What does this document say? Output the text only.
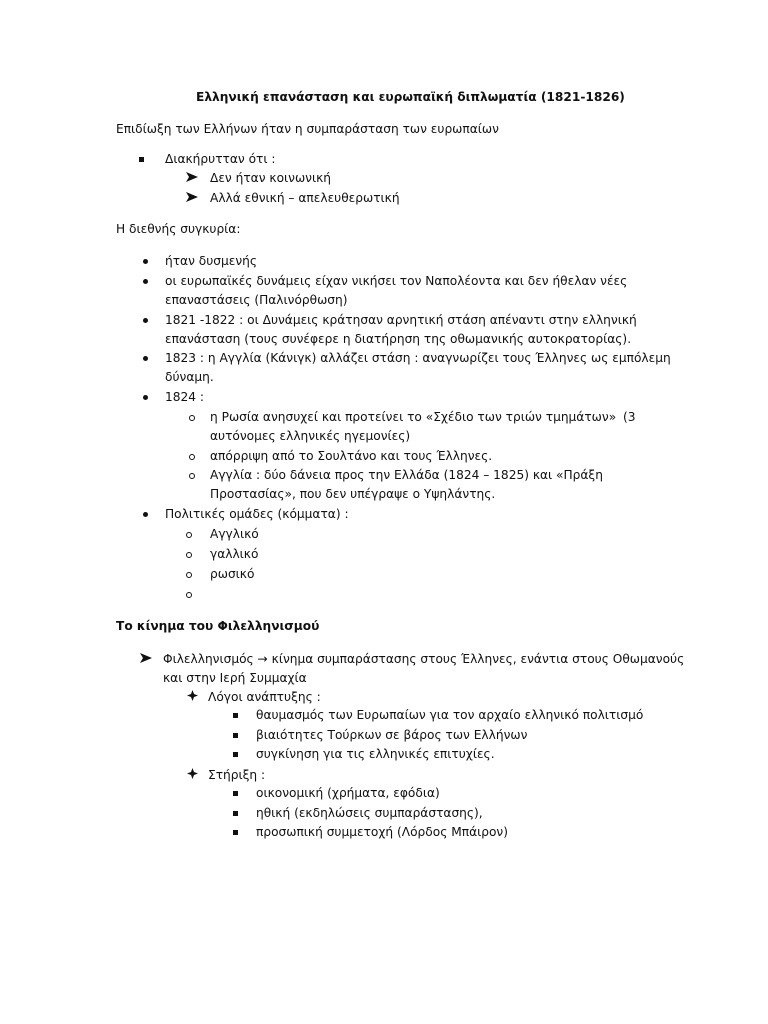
Ελληνική επανάσταση και ευρωπαϊκή διπλωματία (1821-1826)
Επιδίωξη των Ελλήνων ήταν η συμπαράσταση των ευρωπαίων
Διακήρυτταν ότι :
Δεν ήταν κοινωνική
Αλλά εθνική – απελευθερωτική
Η διεθνής συγκυρία:
ήταν δυσμενής
οι ευρωπαϊκές δυνάμεις είχαν νικήσει τον Ναπολέοντα και δεν ήθελαν νέες
επαναστάσεις (Παλινόρθωση)
1821 -1822 : οι Δυνάμεις κράτησαν αρνητική στάση απέναντι στην ελληνική
επανάσταση (τους συνέφερε η διατήρηση της οθωμανικής αυτοκρατορίας).
1823 : η Αγγλία (Κάνιγκ) αλλάζει στάση : αναγνωρίζει τους Έλληνες ως εμπόλεμη
δύναμη.
1824 :
η Ρωσία ανησυχεί και προτείνει το «Σχέδιο των τριών τμημάτων» (3
αυτόνομες ελληνικές ηγεμονίες)
απόρριψη από το Σουλτάνο και τους Έλληνες.
Αγγλία : δύο δάνεια προς την Ελλάδα (1824 – 1825) και «Πράξη
Προστασίας», που δεν υπέγραψε ο Υψηλάντης.
Πολιτικές ομάδες (κόμματα) :
Αγγλικό
γαλλικό
ρωσικό
Το κίνημα του Φιλελληνισμού
Φιλελληνισμός → κίνημα συμπαράστασης στους Έλληνες, ενάντια στους Οθωμανούς
και στην Ιερή Συμμαχία
Λόγοι ανάπτυξης :
θαυμασμός των Ευρωπαίων για τον αρχαίο ελληνικό πολιτισμό
βιαιότητες Τούρκων σε βάρος των Ελλήνων
συγκίνηση για τις ελληνικές επιτυχίες.
Στήριξη :
οικονομική (χρήματα, εφόδια)
ηθική (εκδηλώσεις συμπαράστασης),
προσωπική συμμετοχή (Λόρδος Μπάιρον)
